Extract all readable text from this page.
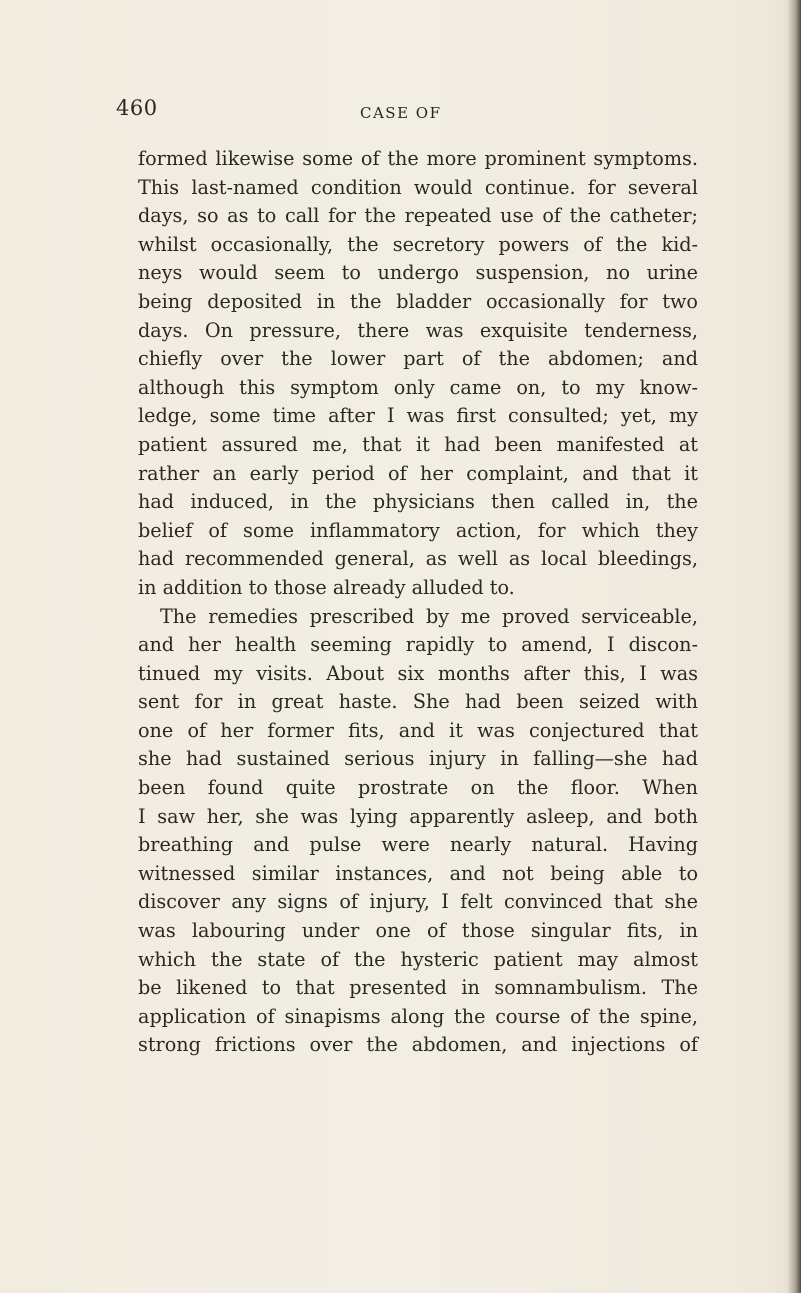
460	CASE OF
formed likewise some of the more prominent symptoms.
This last-named condition would continue. for several
days, so as to call for the repeated use of the catheter;
whilst occasionally, the secretory powers of the kid-
neys would seem to undergo suspension, no urine
being deposited in the bladder occasionally for two
days. On pressure, there was exquisite tenderness,
chiefly over the lower part of the abdomen; and
although this symptom only came on, to my know-
ledge, some time after I was first consulted; yet, my
patient assured me, that it had been manifested at
rather an early period of her complaint, and that it
had induced, in the physicians then called in, the
belief of some inflammatory action, for which they
had recommended general, as well as local bleedings,
in addition to those already alluded to.
The remedies prescribed by me proved serviceable,
and her health seeming rapidly to amend, I discon-
tinued my visits. About six months after this, I was
sent for in great haste. She had been seized with
one of her former fits, and it was conjectured that
she had sustained serious injury in falling—she had
been found quite prostrate on the floor. When
I saw her, she was lying apparently asleep, and both
breathing and pulse were nearly natural. Having
witnessed similar instances, and not being able to
discover any signs of injury, I felt convinced that she
was labouring under one of those singular fits, in
which the state of the hysteric patient may almost
be likened to that presented in somnambulism. The
application of sinapisms along the course of the spine,
strong frictions over the abdomen, and injections of
